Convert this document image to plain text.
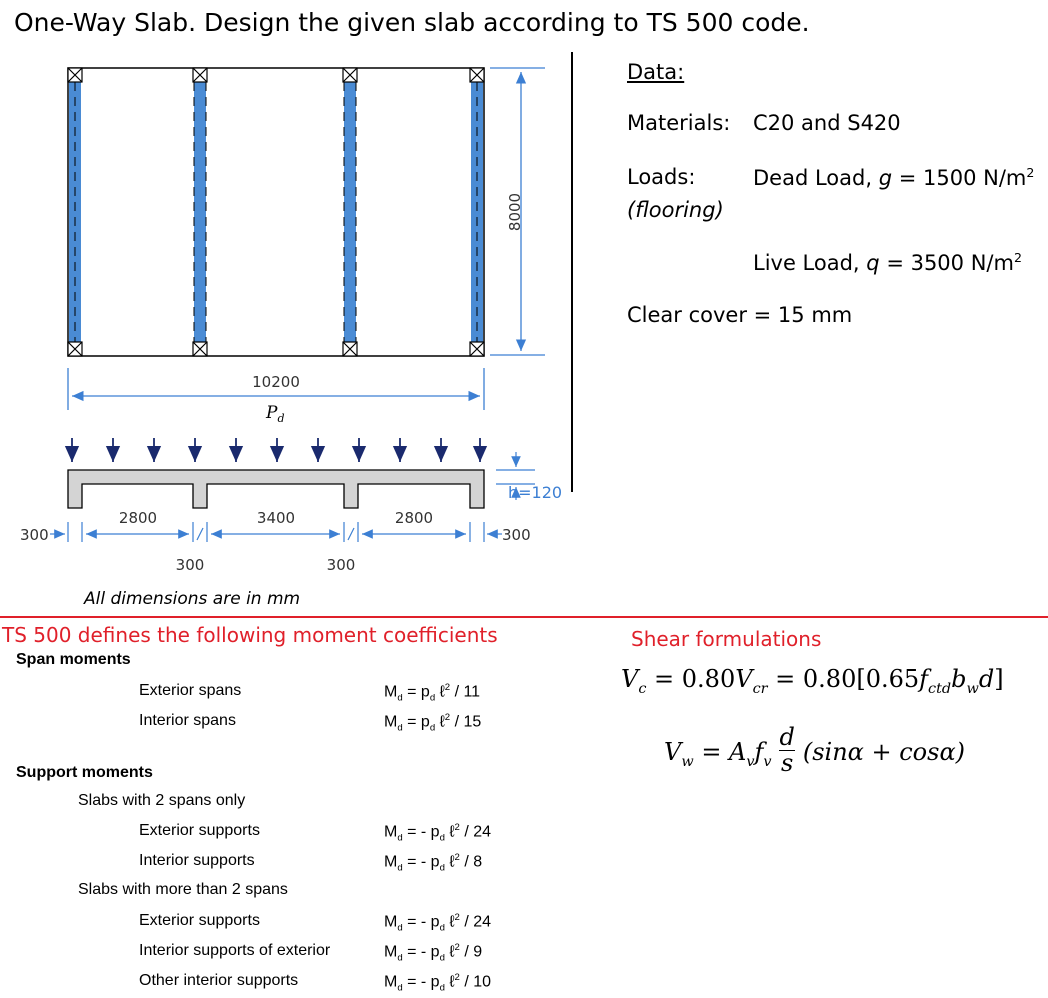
One-Way Slab. Design the given slab according to TS 500 code.
8000
10200
$P_d$
h=120
2800	3400	2800
300
300	300
300
All dimensions are in mm
Data:
Materials: C20 and S420
Loads:
(flooring)
Dead Load, g = 1500 $N/m^2$
Live Load, q = 3500 $N/m^2$
Clear cover = 15 mm
TS 500 defines the following moment coefficients
Span moments
Exterior spans	$M_d = p_d$ ℓ$^2$ / 11
Interior spans	$M_d = p_d$ ℓ$^2$ / 15
Support moments
Slabs with 2 spans only
Exterior supports	$M_d$ = - $p_d$ ℓ$^2$ / 24
Interior supports	$M_d$ = - $p_d$ ℓ$^2$ / 8
Slabs with more than 2 spans
Exterior supports	$M_d$ = - $p_d$ ℓ$^2$ / 24
Interior supports of exterior	$M_d$ = - $p_d$ ℓ$^2$ / 9
Other interior supports	$M_d$ = - $p_d$ ℓ$^2$ / 10
Shear formulations
$V_c = 0.80V_{cr} = 0.80[0.65f_{ctd}b_wd]$
$V_w = A_vf_v \frac{d}{s} (\sin\alpha + \cos\alpha)$
